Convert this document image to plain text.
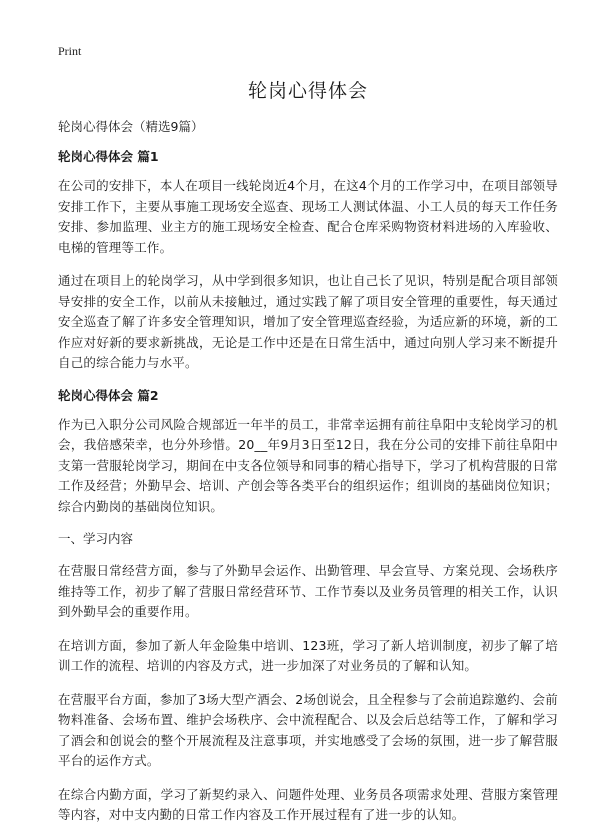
Print
轮岗心得体会
轮岗心得体会（精选9篇）
轮岗心得体会 篇1

在公司的安排下，本人在项目一线轮岗近4个月，在这4个月的工作学习中，在项目部领导安排工作下，主要从事施工现场安全巡查、现场工人测试体温、小工人员的每天工作任务安排、参加监理、业主方的施工现场安全检查、配合仓库采购物资材料进场的入库验收、电梯的管理等工作。

通过在项目上的轮岗学习，从中学到很多知识，也让自己长了见识，特别是配合项目部领导安排的安全工作，以前从未接触过，通过实践了解了项目安全管理的重要性，每天通过安全巡查了解了许多安全管理知识，增加了安全管理巡查经验，为适应新的环境，新的工作应对好新的要求新挑战，无论是工作中还是在日常生活中，通过向别人学习来不断提升自己的综合能力与水平。

轮岗心得体会 篇2

作为已入职分公司风险合规部近一年半的员工，非常幸运拥有前往阜阳中支轮岗学习的机会，我倍感荣幸，也分外珍惜。20__年9月3日至12日，我在分公司的安排下前往阜阳中支第一营服轮岗学习，期间在中支各位领导和同事的精心指导下，学习了机构营服的日常工作及经营；外勤早会、培训、产创会等各类平台的组织运作；组训岗的基础岗位知识；综合内勤岗的基础岗位知识。

一、学习内容

在营服日常经营方面，参与了外勤早会运作、出勤管理、早会宣导、方案兑现、会场秩序维持等工作，初步了解了营服日常经营环节、工作节奏以及业务员管理的相关工作，认识到外勤早会的重要作用。

在培训方面，参加了新人年金险集中培训、123班，学习了新人培训制度，初步了解了培训工作的流程、培训的内容及方式，进一步加深了对业务员的了解和认知。

在营服平台方面，参加了3场大型产酒会、2场创说会，且全程参与了会前追踪邀约、会前物料准备、会场布置、维护会场秩序、会中流程配合、以及会后总结等工作，了解和学习了酒会和创说会的整个开展流程及注意事项，并实地感受了会场的氛围，进一步了解营服平台的运作方式。

在综合内勤方面，学习了新契约录入、问题件处理、业务员各项需求处理、营服方案管理等内容，对中支内勤的日常工作内容及工作开展过程有了进一步的认知。
